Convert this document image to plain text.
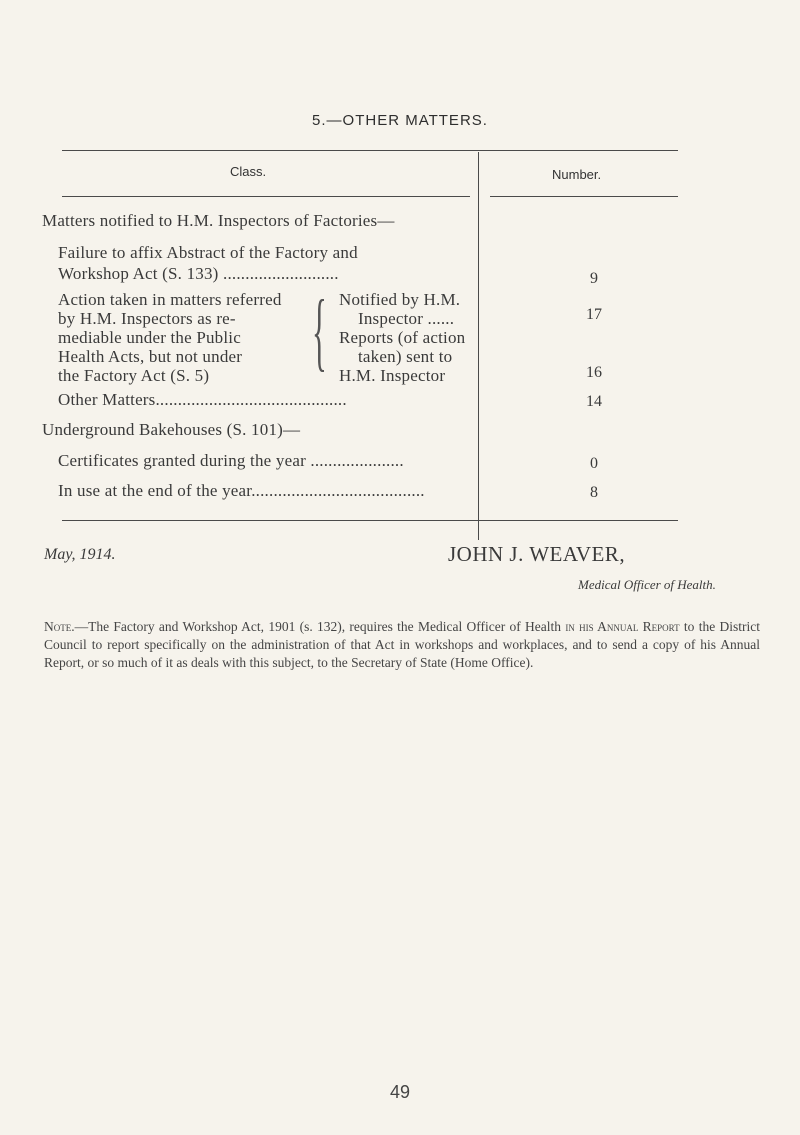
5.—OTHER MATTERS.
Class.	Number.
Matters notified to H.M. Inspectors of Factories—
Failure to affix Abstract of the Factory and
Workshop Act (S. 133) ..........................	9
Action taken in matters referred
by H.M. Inspectors as re-
mediable under the Public
Health Acts, but not under
the Factory Act (S. 5) { Notified by H.M.
Inspector ......	17
Reports (of action
taken) sent to
H.M. Inspector	16
Other Matters...........................................	14
Underground Bakehouses (S. 101)—
Certificates granted during the year .....................	0
In use at the end of the year.......................................	8
May, 1914.	JOHN J. WEAVER,
Medical Officer of Health.
Note.—The Factory and Workshop Act, 1901 (s. 132), requires the Medical Officer of Health in his Annual Report to the District Council to report specifically on the administration of that Act in workshops and workplaces, and to send a copy of his Annual Report, or so much of it as deals with this subject, to the Secretary of State (Home Office).
49
